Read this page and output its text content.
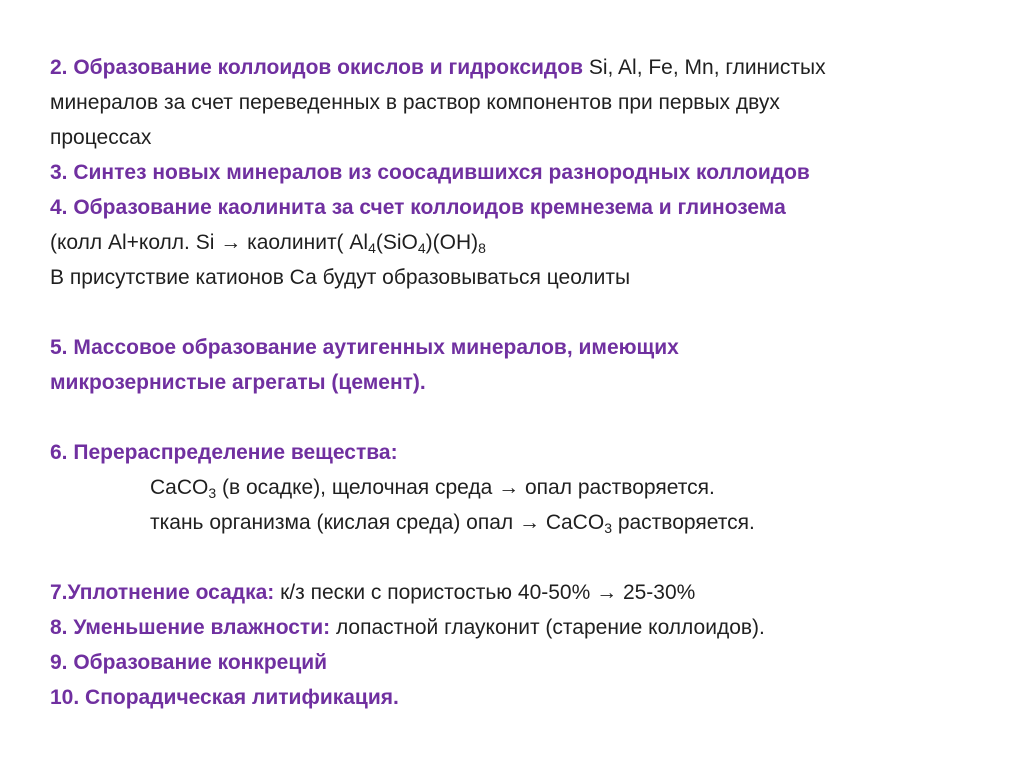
2. Образование коллоидов окислов и гидроксидов Si, Al, Fe, Mn, глинистых
минералов за счет переведенных в раствор компонентов при первых двух
процессах
3. Синтез новых минералов из соосадившихся разнородных коллоидов
4. Образование каолинита за счет коллоидов кремнезема и глинозема
(колл Al+колл. Si → каолинит( $Al_4(SiO_4)(OH)_8$
В присутствие катионов Са будут образовываться цеолиты
5. Массовое образование аутигенных минералов, имеющих
микрозернистые агрегаты (цемент).
6. Перераспределение вещества:
CaCO$_3$ (в осадке), щелочная среда → опал растворяется.
ткань организма (кислая среда) опал → CaCO$_3$ растворяется.
7.Уплотнение осадка: к/з пески с пористостью 40-50% → 25-30%
8. Уменьшение влажности: лопастной глауконит (старение коллоидов).
9. Образование конкреций
10. Спорадическая литификация.
